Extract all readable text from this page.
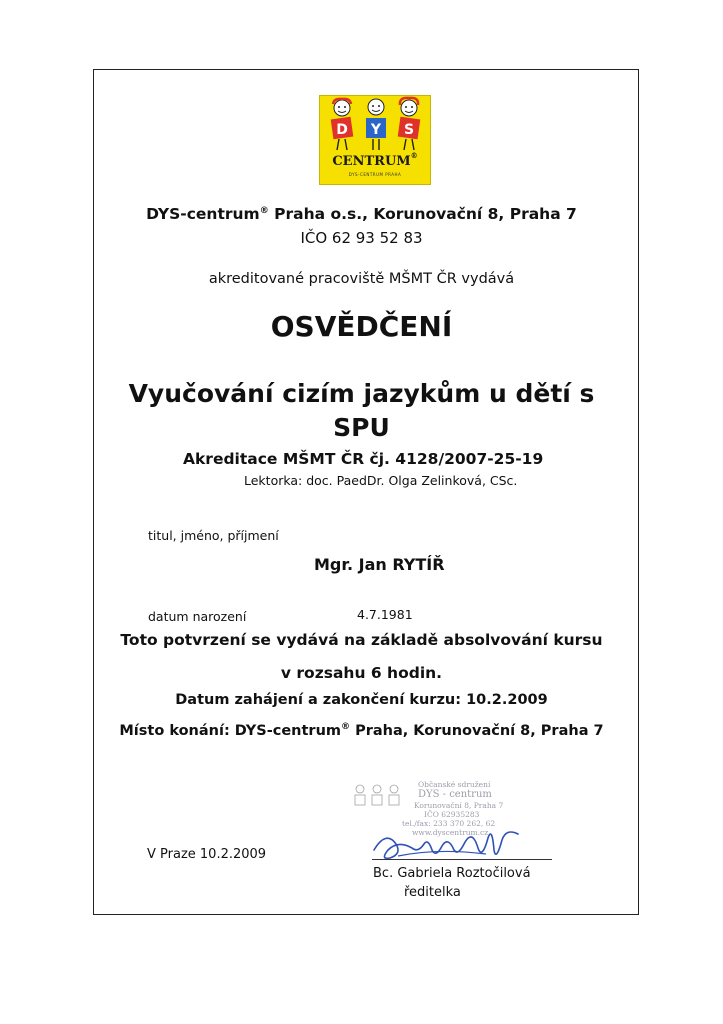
D Y S
CENTRUM®
DYS-CENTRUM PRAHA
DYS-centrum® Praha o.s., Korunovační 8, Praha 7
IČO 62 93 52 83
akreditované pracoviště MŠMT ČR vydává
OSVĚDČENÍ
Vyučování cizím jazykům u dětí s
SPU
Akreditace MŠMT ČR čj. 4128/2007-25-19
Lektorka: doc. PaedDr. Olga Zelinková, CSc.
titul, jméno, příjmení
Mgr. Jan RYTÍŘ
datum narození	4.7.1981
Toto potvrzení se vydává na základě absolvování kursu
v rozsahu 6 hodin.
Datum zahájení a zakončení kurzu: 10.2.2009
Místo konání: DYS-centrum® Praha, Korunovační 8, Praha 7
Občanské sdružení
DYS - centrum
Korunovační 8, Praha 7
IČO 62935283
tel./fax: 233 370 262, 62
www.dyscentrum.cz
V Praze 10.2.2009
Bc. Gabriela Roztočilová
ředitelka
